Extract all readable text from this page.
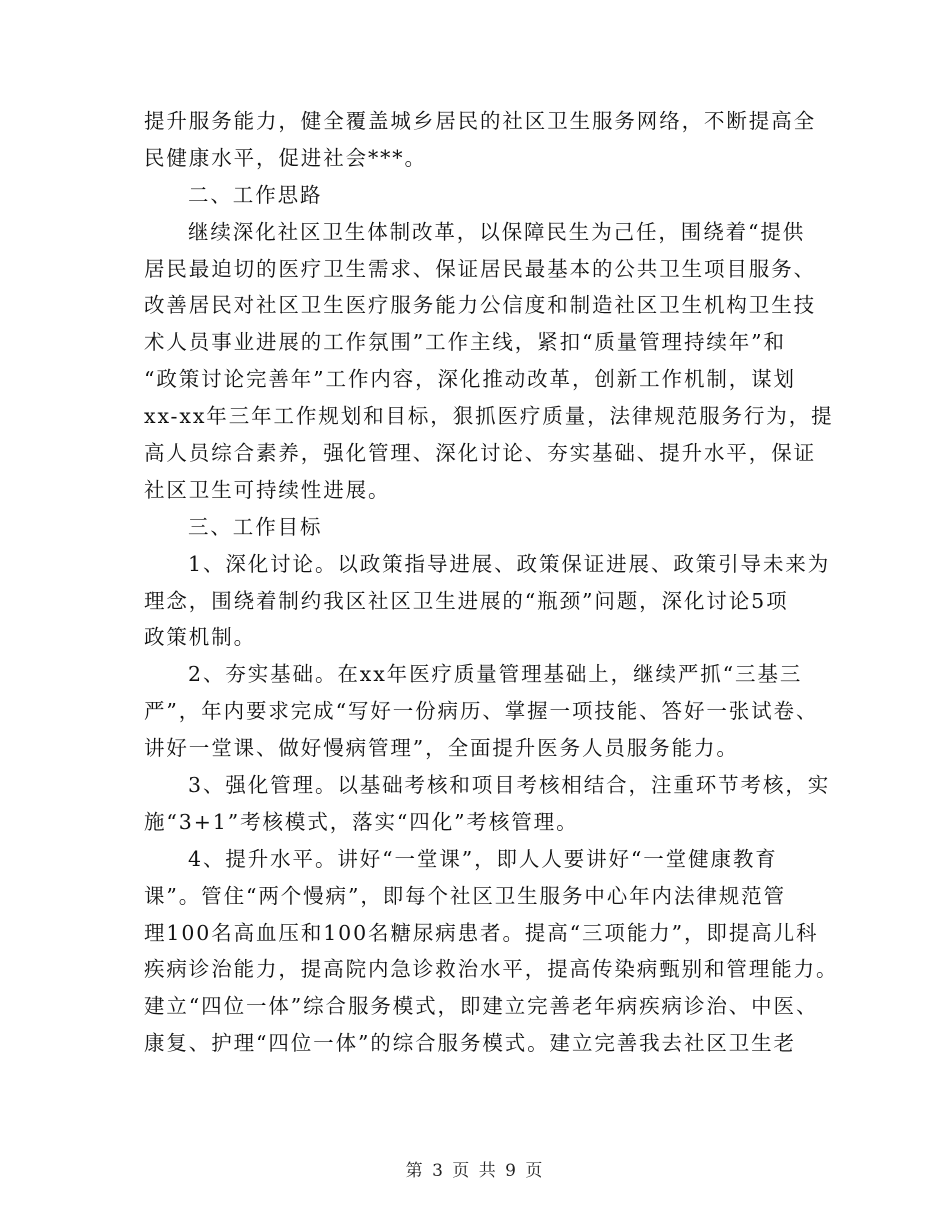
提升服务能力，健全覆盖城乡居民的社区卫生服务网络，不断提高全
民健康水平，促进社会***。
二、工作思路
继续深化社区卫生体制改革，以保障民生为己任，围绕着“提供
居民最迫切的医疗卫生需求、保证居民最基本的公共卫生项目服务、
改善居民对社区卫生医疗服务能力公信度和制造社区卫生机构卫生技
术人员事业进展的工作氛围”工作主线，紧扣“质量管理持续年”和
“政策讨论完善年”工作内容，深化推动改革，创新工作机制，谋划
xx-xx年三年工作规划和目标，狠抓医疗质量，法律规范服务行为，提
高人员综合素养，强化管理、深化讨论、夯实基础、提升水平，保证
社区卫生可持续性进展。
三、工作目标
1、深化讨论。以政策指导进展、政策保证进展、政策引导未来为
理念，围绕着制约我区社区卫生进展的“瓶颈”问题，深化讨论5项
政策机制。
2、夯实基础。在xx年医疗质量管理基础上，继续严抓“三基三
严”，年内要求完成“写好一份病历、掌握一项技能、答好一张试卷、
讲好一堂课、做好慢病管理”，全面提升医务人员服务能力。
3、强化管理。以基础考核和项目考核相结合，注重环节考核，实
施“3+1”考核模式，落实“四化”考核管理。
4、提升水平。讲好“一堂课”，即人人要讲好“一堂健康教育
课”。管住“两个慢病”，即每个社区卫生服务中心年内法律规范管
理100名高血压和100名糖尿病患者。提高“三项能力”，即提高儿科
疾病诊治能力，提高院内急诊救治水平，提高传染病甄别和管理能力。
建立“四位一体”综合服务模式，即建立完善老年病疾病诊治、中医、
康复、护理“四位一体”的综合服务模式。建立完善我去社区卫生老
第 3 页 共 9 页
